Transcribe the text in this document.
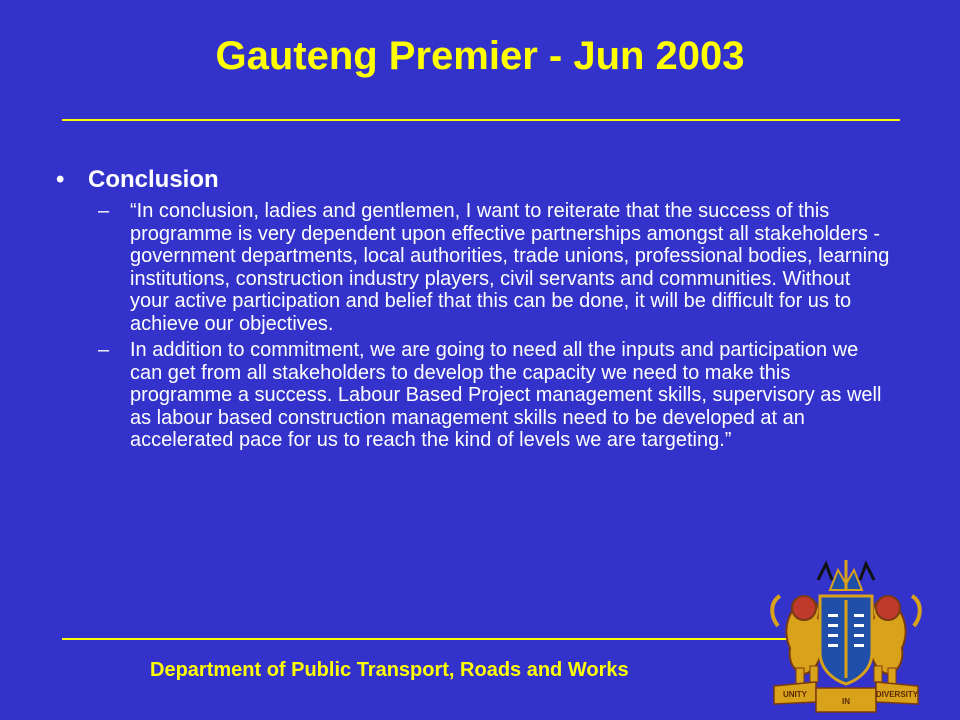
Gauteng Premier - Jun 2003
• Conclusion
–	“In conclusion, ladies and gentlemen, I want to reiterate that the success of this programme is very dependent upon effective partnerships amongst all stakeholders - government departments, local authorities, trade unions, professional bodies, learning institutions, construction industry players, civil servants and communities. Without your active participation and belief that this can be done, it will be difficult for us to achieve our objectives.
–	In addition to commitment, we are going to need all the inputs and participation we can get from all stakeholders to develop the capacity we need to make this programme a success. Labour Based Project management skills, supervisory as well as labour based construction management skills need to be developed at an accelerated pace for us to reach the kind of levels we are targeting.”
Department of Public Transport, Roads and Works
UNITY
IN
DIVERSITY
